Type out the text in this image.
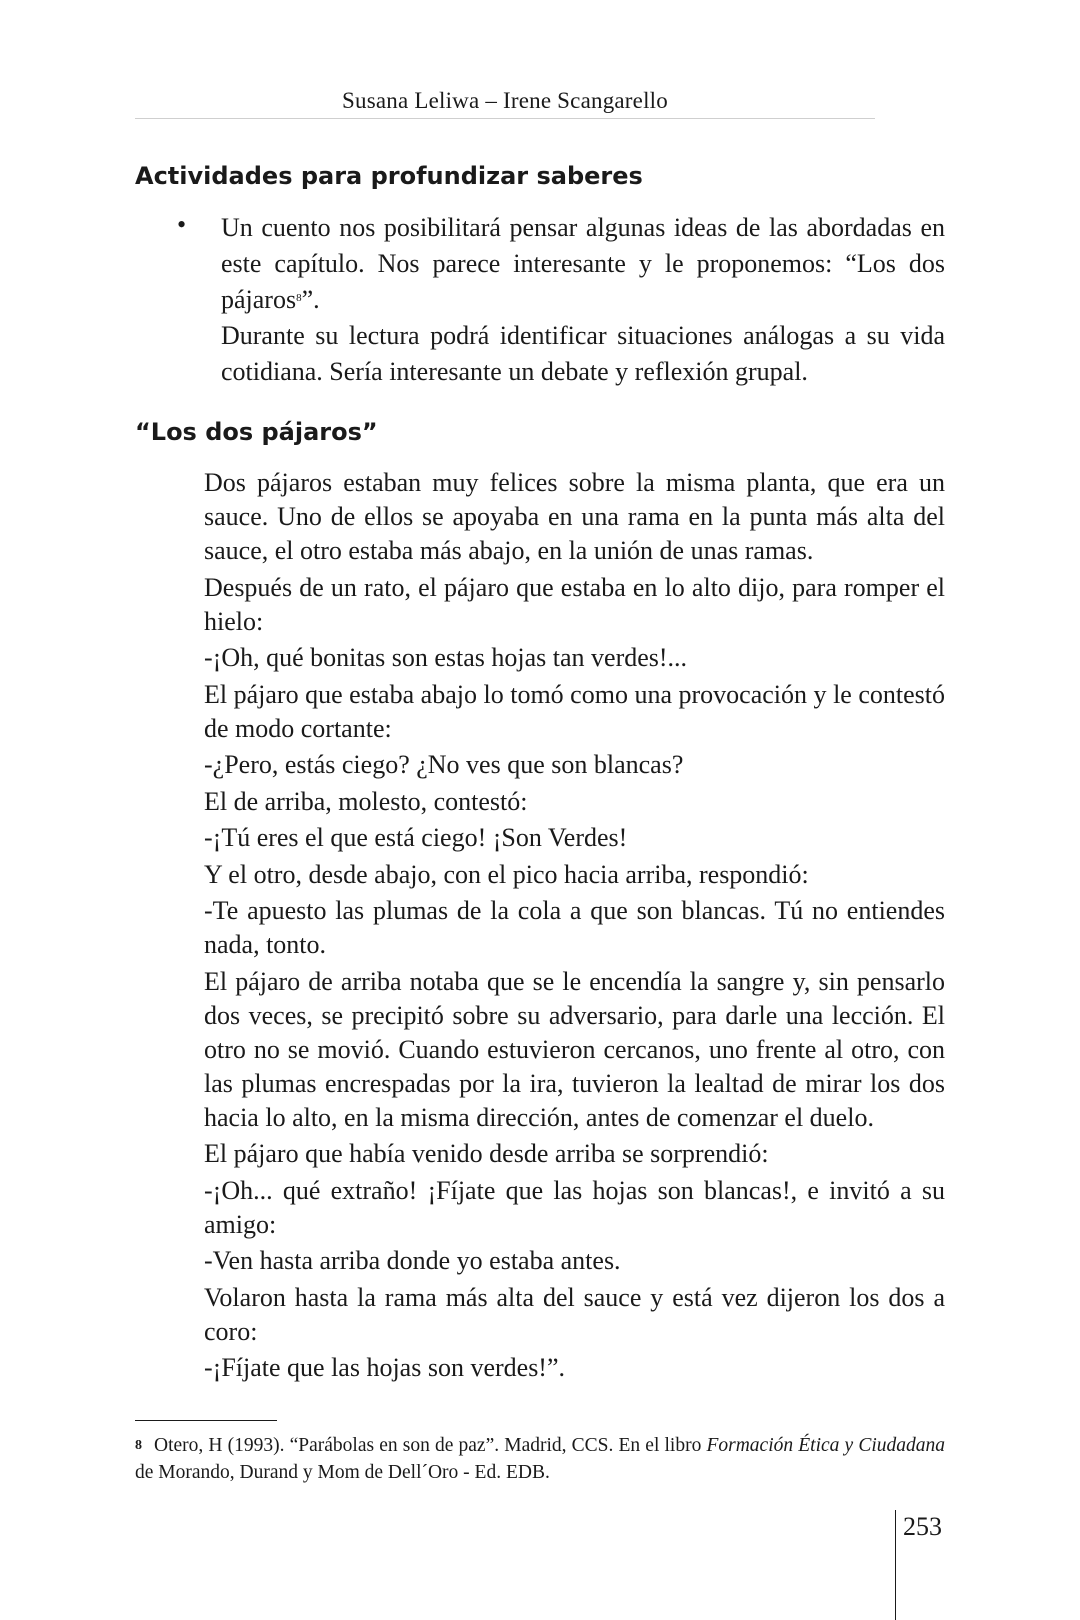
Susana Leliwa – Irene Scangarello
Actividades para profundizar saberes
• Un cuento nos posibilitará pensar algunas ideas de las abordadas en este capítulo. Nos parece interesante y le proponemos: “Los dos pájaros$^8$”.

Durante su lectura podrá identificar situaciones análogas a su vida cotidiana. Sería interesante un debate y reflexión grupal.

“Los dos pájaros”

Dos pájaros estaban muy felices sobre la misma planta, que era un sauce. Uno de ellos se apoyaba en una rama en la punta más alta del sauce, el otro estaba más abajo, en la unión de unas ramas.

Después de un rato, el pájaro que estaba en lo alto dijo, para romper el hielo:

-¡Oh, qué bonitas son estas hojas tan verdes!...

El pájaro que estaba abajo lo tomó como una provocación y le contestó de modo cortante:

-¿Pero, estás ciego? ¿No ves que son blancas?

El de arriba, molesto, contestó:

-¡Tú eres el que está ciego! ¡Son Verdes!

Y el otro, desde abajo, con el pico hacia arriba, respondió:

-Te apuesto las plumas de la cola a que son blancas. Tú no entiendes nada, tonto.

El pájaro de arriba notaba que se le encendía la sangre y, sin pensarlo dos veces, se precipitó sobre su adversario, para darle una lección. El otro no se movió. Cuando estuvieron cercanos, uno frente al otro, con las plumas encrespadas por la ira, tuvieron la lealtad de mirar los dos hacia lo alto, en la misma dirección, antes de comenzar el duelo.

El pájaro que había venido desde arriba se sorprendió:

-¡Oh... qué extraño! ¡Fíjate que las hojas son blancas!, e invitó a su amigo:

-Ven hasta arriba donde yo estaba antes.

Volaron hasta la rama más alta del sauce y está vez dijeron los dos a coro:

-¡Fíjate que las hojas son verdes!”.

$^8$ Otero, H (1993). “Parábolas en son de paz”. Madrid, CCS. En el libro Formación Ética y Ciudadana de Morando, Durand y Mom de Dell´Oro - Ed. EDB.
253
